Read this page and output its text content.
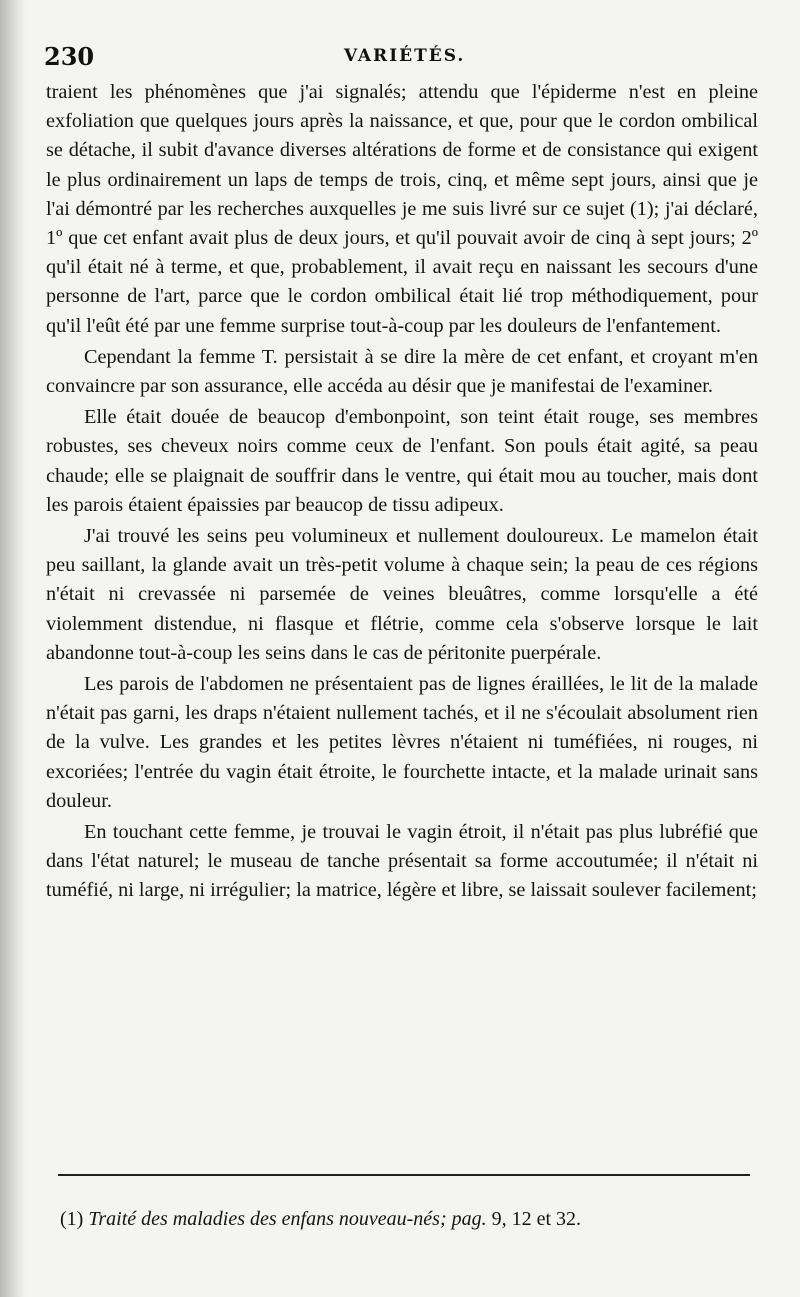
230	VARIÉTÉS.

traient les phénomènes que j'ai signalés; attendu que l'épiderme n'est en pleine exfoliation que quelques jours après la naissance, et que, pour que le cordon ombilical se détache, il subit d'avance diverses altérations de forme et de consistance qui exigent le plus ordinairement un laps de temps de trois, cinq, et même sept jours, ainsi que je l'ai démontré par les recherches auxquelles je me suis livré sur ce sujet (1); j'ai déclaré, 1º que cet enfant avait plus de deux jours, et qu'il pouvait avoir de cinq à sept jours; 2º qu'il était né à terme, et que, probablement, il avait reçu en naissant les secours d'une personne de l'art, parce que le cordon ombilical était lié trop méthodiquement, pour qu'il l'eût été par une femme surprise tout-à-coup par les douleurs de l'enfantement.

Cependant la femme T. persistait à se dire la mère de cet enfant, et croyant m'en convaincre par son assurance, elle accéda au désir que je manifestai de l'examiner.

Elle était douée de beaucop d'embonpoint, son teint était rouge, ses membres robustes, ses cheveux noirs comme ceux de l'enfant. Son pouls était agité, sa peau chaude; elle se plaignait de souffrir dans le ventre, qui était mou au toucher, mais dont les parois étaient épaissies par beaucop de tissu adipeux.

J'ai trouvé les seins peu volumineux et nullement douloureux. Le mamelon était peu saillant, la glande avait un très-petit volume à chaque sein; la peau de ces régions n'était ni crevassée ni parsemée de veines bleuâtres, comme lorsqu'elle a été violemment distendue, ni flasque et flétrie, comme cela s'observe lorsque le lait abandonne tout-à-coup les seins dans le cas de péritonite puerpérale.

Les parois de l'abdomen ne présentaient pas de lignes éraillées, le lit de la malade n'était pas garni, les draps n'étaient nullement tachés, et il ne s'écoulait absolument rien de la vulve. Les grandes et les petites lèvres n'étaient ni tuméfiées, ni rouges, ni excoriées; l'entrée du vagin était étroite, le fourchette intacte, et la malade urinait sans douleur.

En touchant cette femme, je trouvai le vagin étroit, il n'était pas plus lubréfié que dans l'état naturel; le museau de tanche présentait sa forme accoutumée; il n'était ni tuméfié, ni large, ni irrégulier; la matrice, légère et libre, se laissait soulever facilement;

(1) Traité des maladies des enfans nouveau-nés; pag. 9, 12 et 32.
